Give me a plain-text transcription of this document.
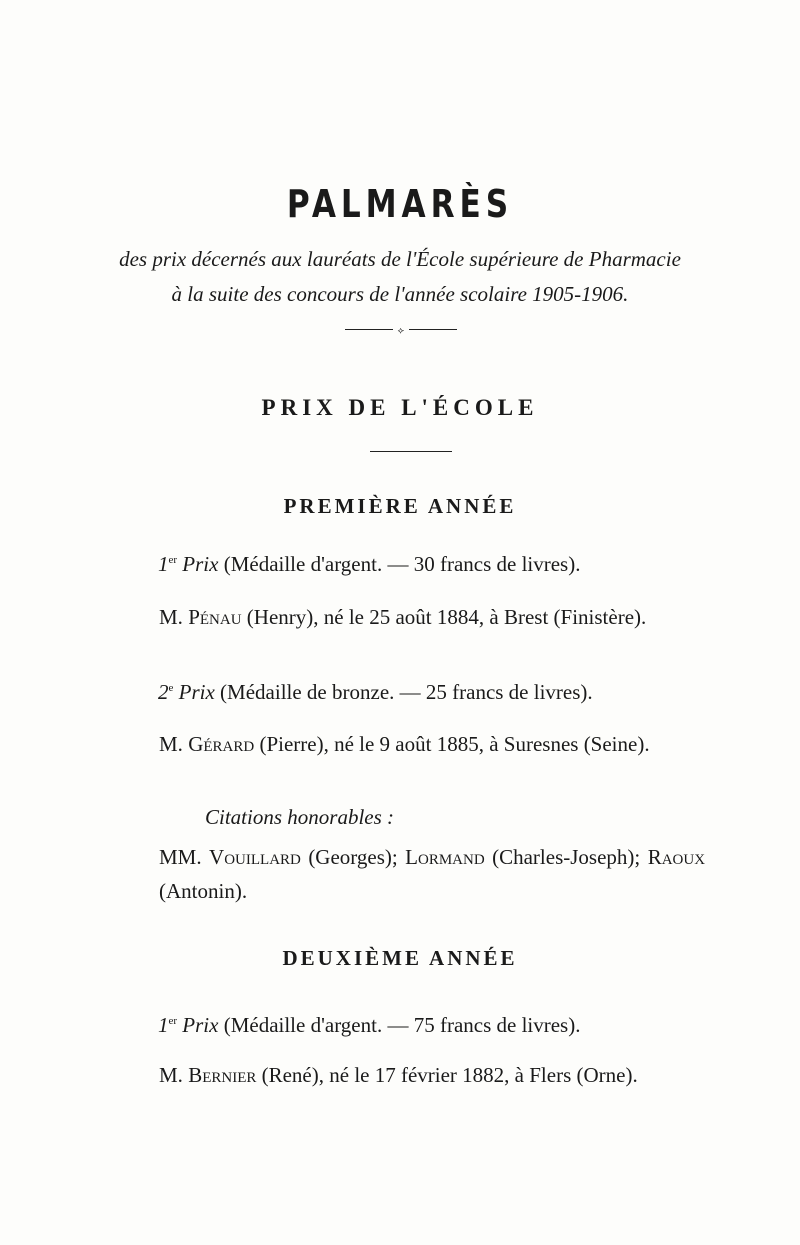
PALMARÈS

des prix décernés aux lauréats de l'École supérieure de Pharmacie

à la suite des concours de l'année scolaire 1905-1906.

⟣
PRIX DE L'ÉCOLE
PREMIÈRE ANNÉE

1er Prix (Médaille d'argent. — 30 francs de livres).

M. Pénau (Henry), né le 25 août 1884, à Brest (Finistère).

2e Prix (Médaille de bronze. — 25 francs de livres).

M. Gérard (Pierre), né le 9 août 1885, à Suresnes (Seine).

Citations honorables :

MM. Vouillard (Georges); Lormand (Charles-Joseph); Raoux (Antonin).

DEUXIÈME ANNÉE

1er Prix (Médaille d'argent. — 75 francs de livres).

M. Bernier (René), né le 17 février 1882, à Flers (Orne).
